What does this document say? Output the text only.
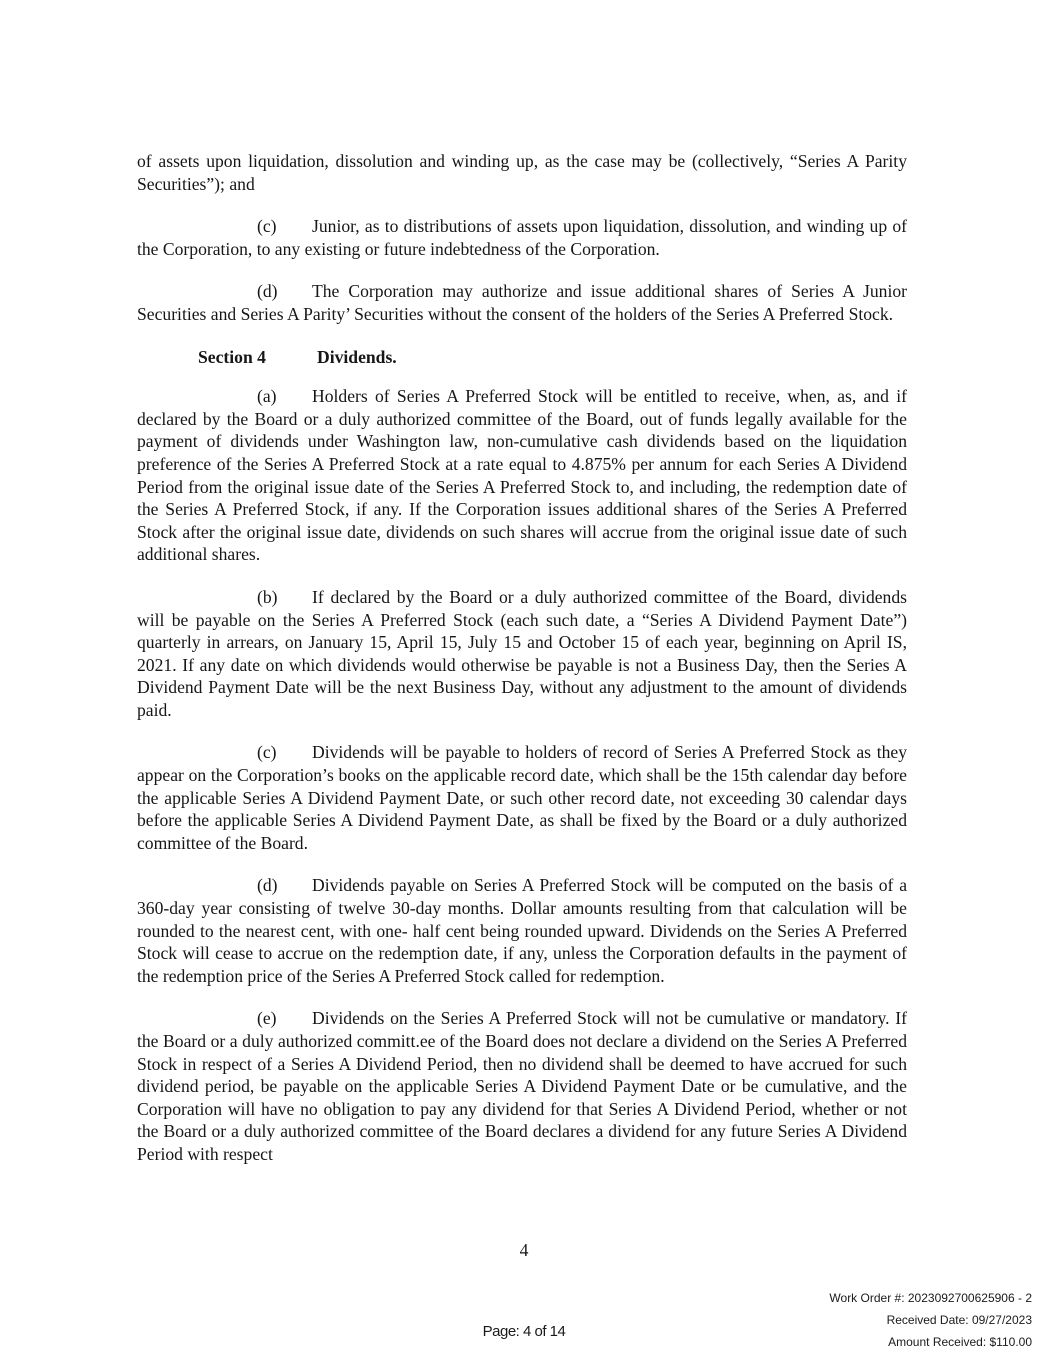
of assets upon liquidation, dissolution and winding up, as the case may be (collectively, “Series A Parity Securities”); and

(c) Junior, as to distributions of assets upon liquidation, dissolution, and winding up of the Corporation, to any existing or future indebtedness of the Corporation.

(d) The Corporation may authorize and issue additional shares of Series A Junior Securities and Series A Parity’ Securities without the consent of the holders of the Series A Preferred Stock.

Section 4	Dividends.

(a) Holders of Series A Preferred Stock will be entitled to receive, when, as, and if declared by the Board or a duly authorized committee of the Board, out of funds legally available for the payment of dividends under Washington law, non-cumulative cash dividends based on the liquidation preference of the Series A Preferred Stock at a rate equal to 4.875% per annum for each Series A Dividend Period from the original issue date of the Series A Preferred Stock to, and including, the redemption date of the Series A Preferred Stock, if any. If the Corporation issues additional shares of the Series A Preferred Stock after the original issue date, dividends on such shares will accrue from the original issue date of such additional shares.

(b) If declared by the Board or a duly authorized committee of the Board, dividends will be payable on the Series A Preferred Stock (each such date, a “Series A Dividend Payment Date”) quarterly in arrears, on January 15, April 15, July 15 and October 15 of each year, beginning on April IS, 2021. If any date on which dividends would otherwise be payable is not a Business Day, then the Series A Dividend Payment Date will be the next Business Day, without any adjustment to the amount of dividends paid.

(c) Dividends will be payable to holders of record of Series A Preferred Stock as they appear on the Corporation’s books on the applicable record date, which shall be the 15th calendar day before the applicable Series A Dividend Payment Date, or such other record date, not exceeding 30 calendar days before the applicable Series A Dividend Payment Date, as shall be fixed by the Board or a duly authorized committee of the Board.

(d) Dividends payable on Series A Preferred Stock will be computed on the basis of a 360-day year consisting of twelve 30-day months. Dollar amounts resulting from that calculation will be rounded to the nearest cent, with one- half cent being rounded upward. Dividends on the Series A Preferred Stock will cease to accrue on the redemption date, if any, unless the Corporation defaults in the payment of the redemption price of the Series A Preferred Stock called for redemption.

(e) Dividends on the Series A Preferred Stock will not be cumulative or mandatory. If the Board or a duly authorized committ.ee of the Board does not declare a dividend on the Series A Preferred Stock in respect of a Series A Dividend Period, then no dividend shall be deemed to have accrued for such dividend period, be payable on the applicable Series A Dividend Payment Date or be cumulative, and the Corporation will have no obligation to pay any dividend for that Series A Dividend Period, whether or not the Board or a duly authorized committee of the Board declares a dividend for any future Series A Dividend Period with respect

4
Work Order #: 2023092700625906 - 2
Received Date: 09/27/2023
Amount Received: $110.00
Page: 4 of 14
